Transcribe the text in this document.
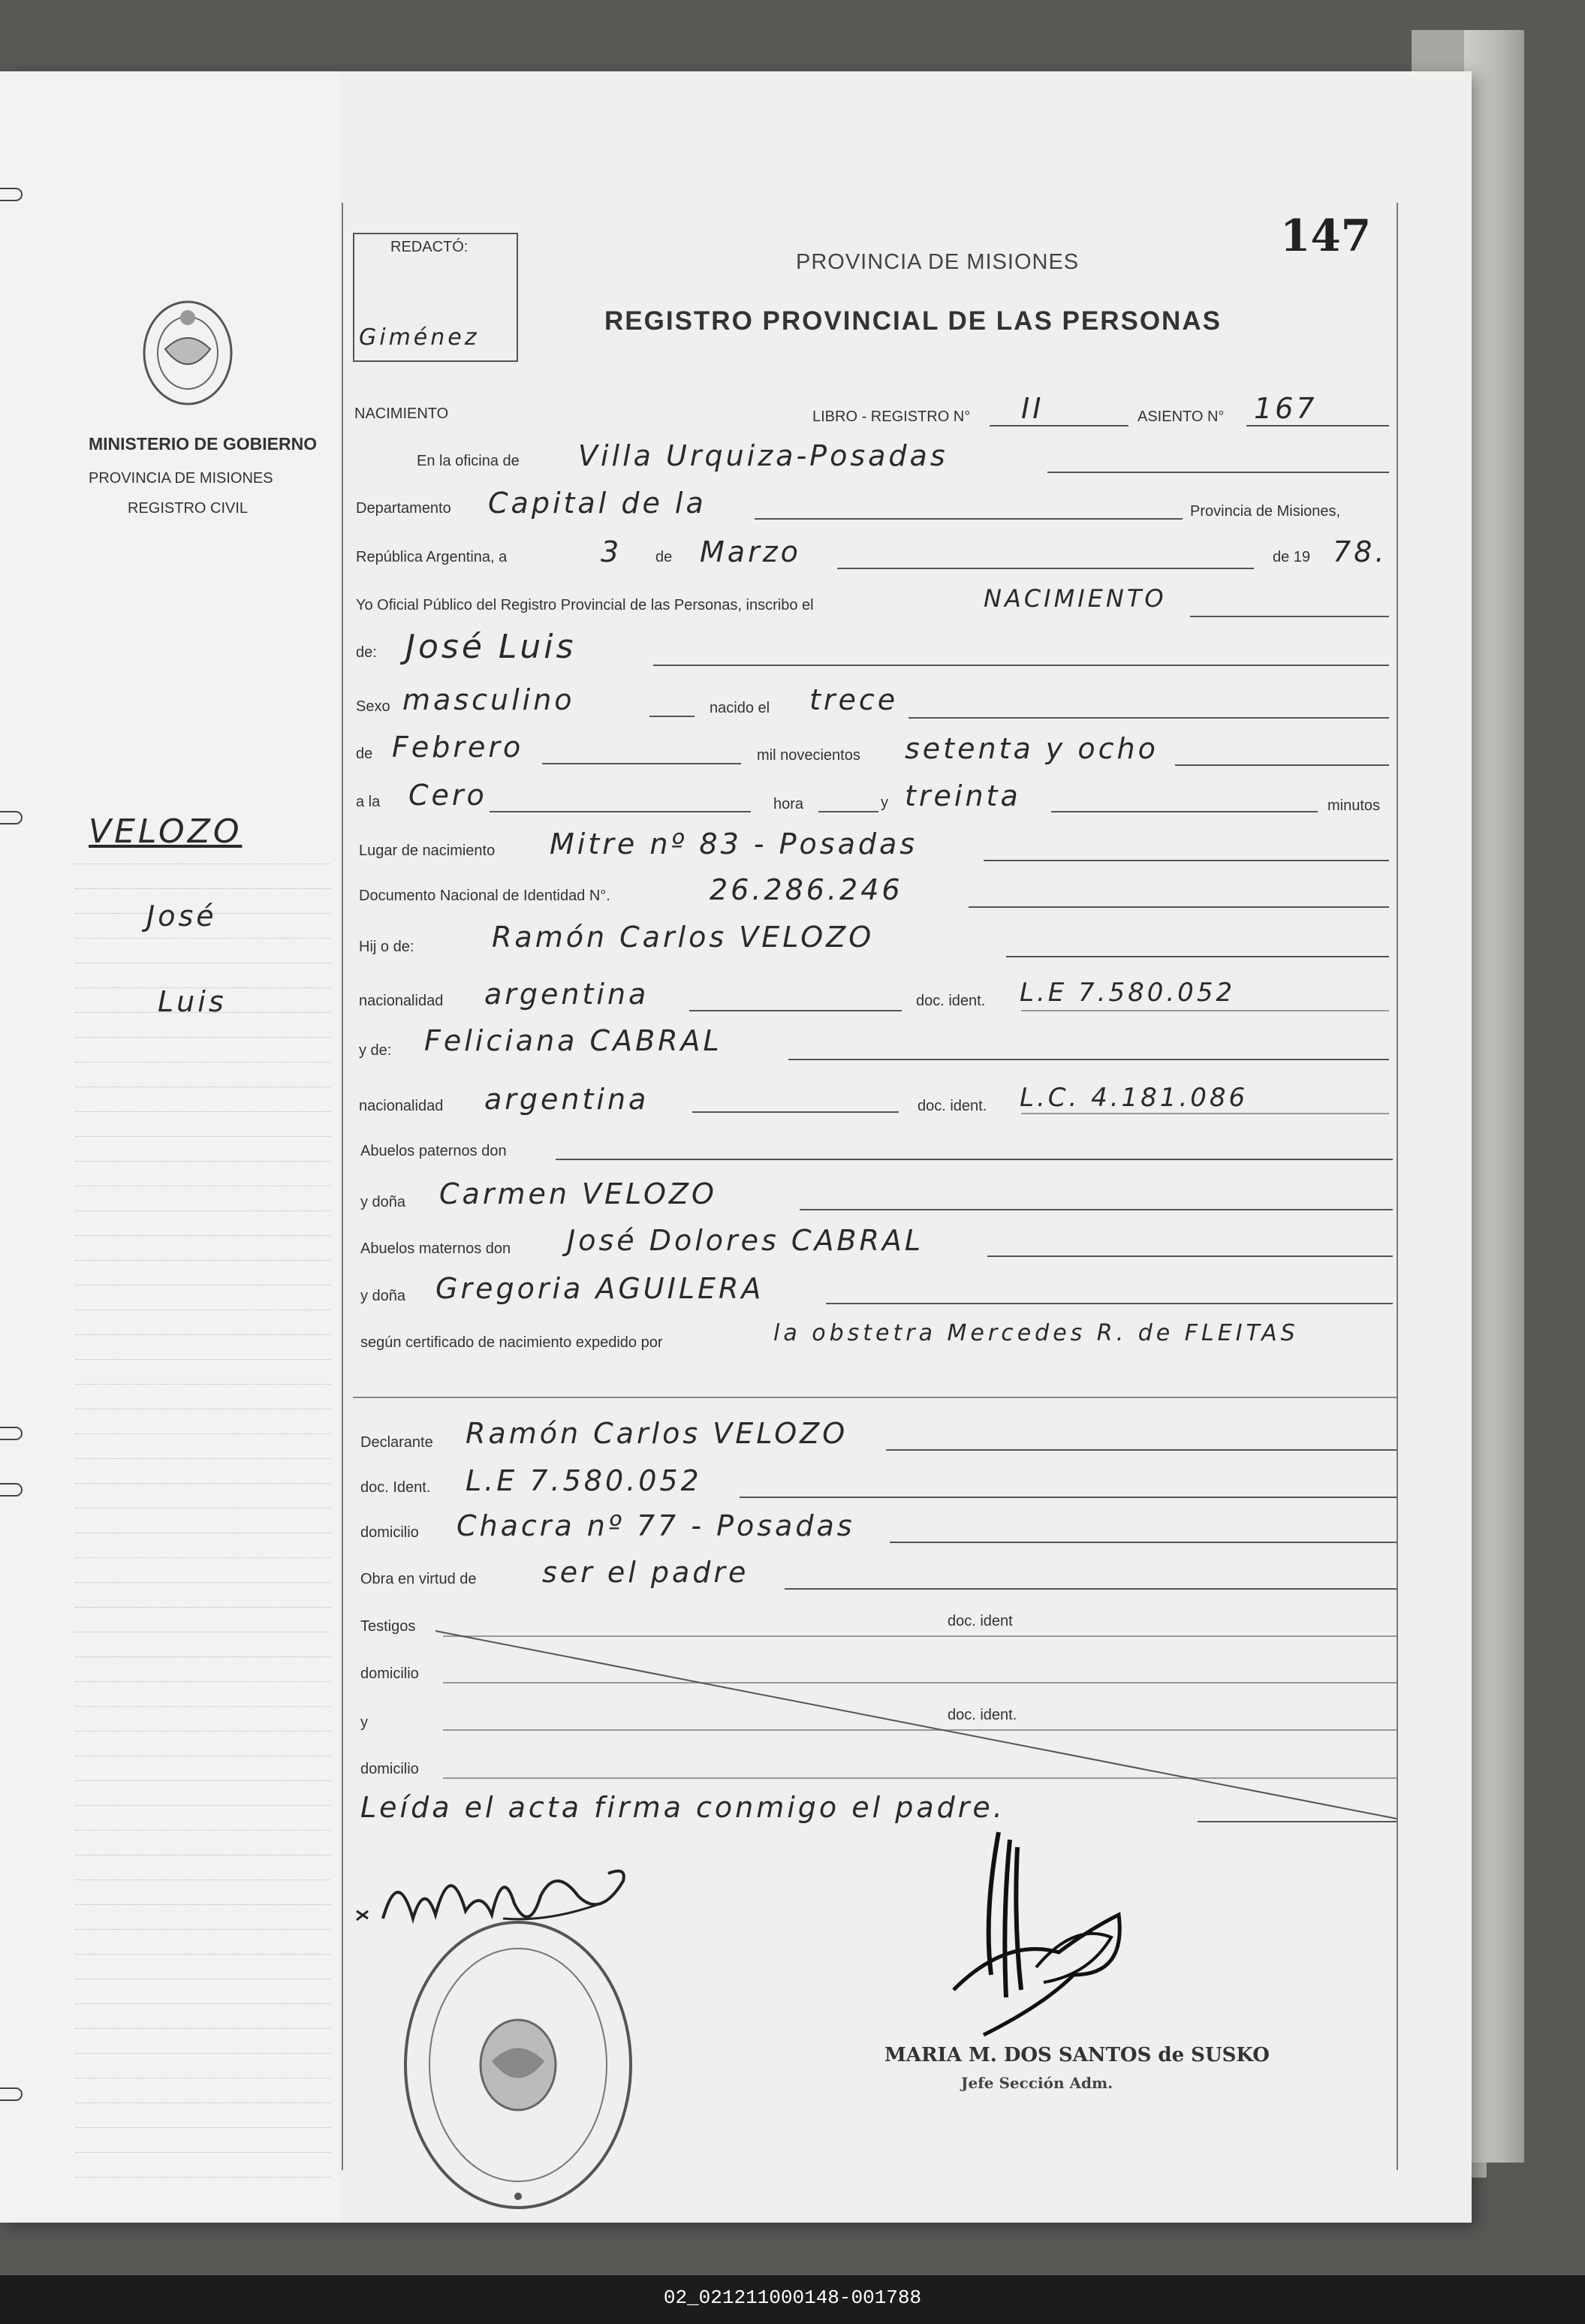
MINISTERIO DE GOBIERNO
PROVINCIA DE MISIONES
REGISTRO CIVIL
VELOZO
José
Luis
REDACTÓ:
Giménez
PROVINCIA DE MISIONES
REGISTRO PROVINCIAL DE LAS PERSONAS
147
NACIMIENTO	LIBRO - REGISTRO N° II	ASIENTO N° 167
En la oficina de Villa Urquiza-Posadas
Departamento Capital de la	Provincia de Misiones,
República Argentina, a	3 de Marzo	de 19 78.
Yo Oficial Público del Registro Provincial de las Personas, inscribo el	NACIMIENTO
de: José Luis
Sexo masculino	nacido el trece
de Febrero	mil novecientos setenta y ocho
a la Cero	hora	y treinta	minutos
Lugar de nacimiento Mitre nº 83 - Posadas
Documento Nacional de Identidad N°.	26.286.246
Hij o de:	Ramón Carlos VELOZO
nacionalidad argentina	doc. ident. L.E 7.580.052
y de: Feliciana CABRAL
nacionalidad argentina	doc. ident. L.C. 4.181.086
Abuelos paternos don
y doña Carmen VELOZO
Abuelos maternos don José Dolores CABRAL
y doña Gregoria AGUILERA
según certificado de nacimiento expedido por	la obstetra Mercedes R. de FLEITAS
Declarante Ramón Carlos VELOZO
doc. Ident. L.E 7.580.052
domicilio Chacra nº 77 - Posadas
Obra en virtud de ser el padre
Testigos	doc. ident
domicilio
y	doc. ident.
domicilio
Leída el acta firma conmigo el padre.
MARIA M. DOS SANTOS de SUSKO
Jefe Sección Adm.
02_021211000148-001788
